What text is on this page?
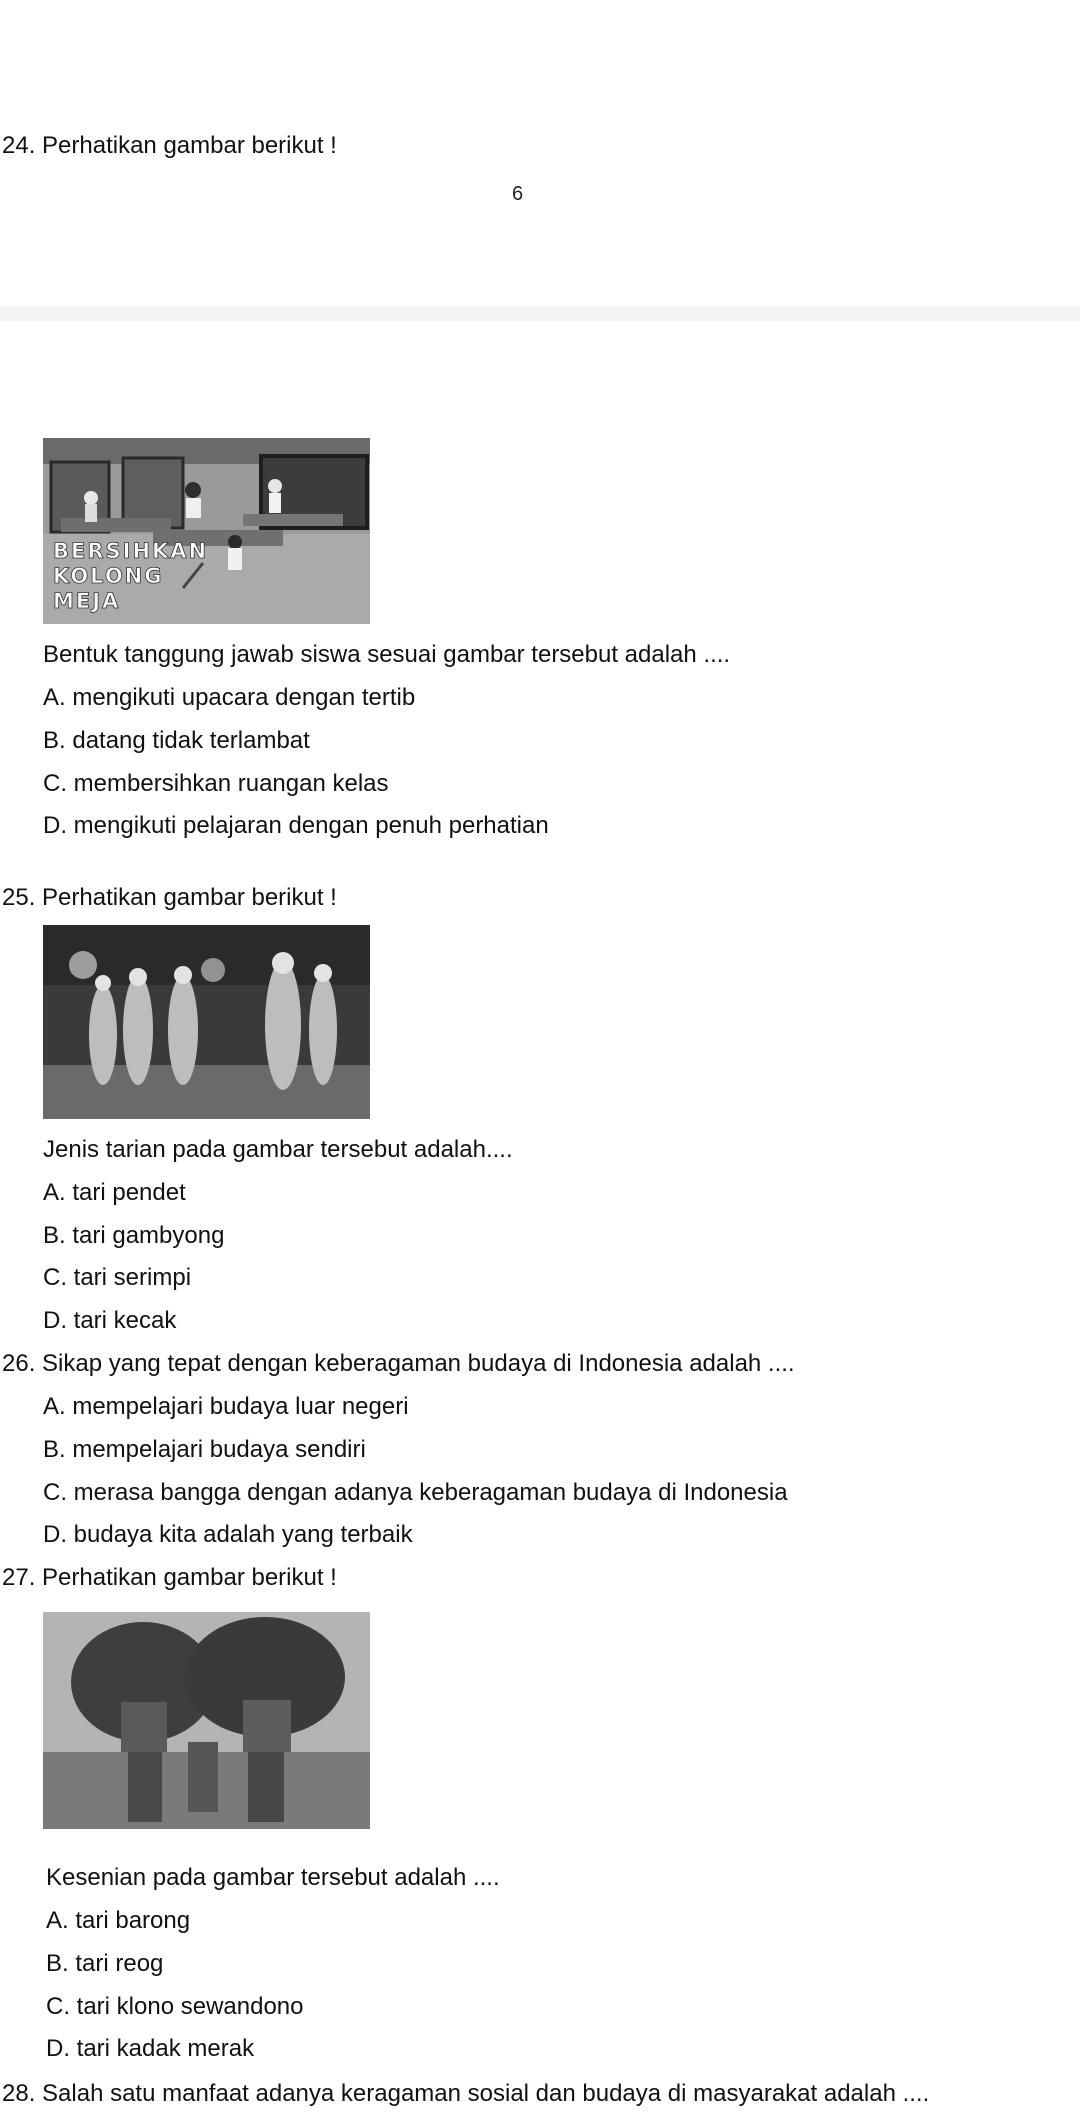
24. Perhatikan gambar berikut !
6
BERSIHKAN
KOLONG
MEJA
Bentuk tanggung jawab siswa sesuai gambar tersebut adalah ....
A. mengikuti upacara dengan tertib
B. datang tidak terlambat
C. membersihkan ruangan kelas
D. mengikuti pelajaran dengan penuh perhatian
25. Perhatikan gambar berikut !
Jenis tarian pada gambar tersebut adalah....
A. tari pendet
B. tari gambyong
C. tari serimpi
D. tari kecak
26. Sikap yang tepat dengan keberagaman budaya di Indonesia adalah ....
A. mempelajari budaya luar negeri
B. mempelajari budaya sendiri
C. merasa bangga dengan adanya keberagaman budaya di Indonesia
D. budaya kita adalah yang terbaik
27. Perhatikan gambar berikut !
Kesenian pada gambar tersebut adalah ....
A. tari barong
B. tari reog
C. tari klono sewandono
D. tari kadak merak
28. Salah satu manfaat adanya keragaman sosial dan budaya di masyarakat adalah ....
